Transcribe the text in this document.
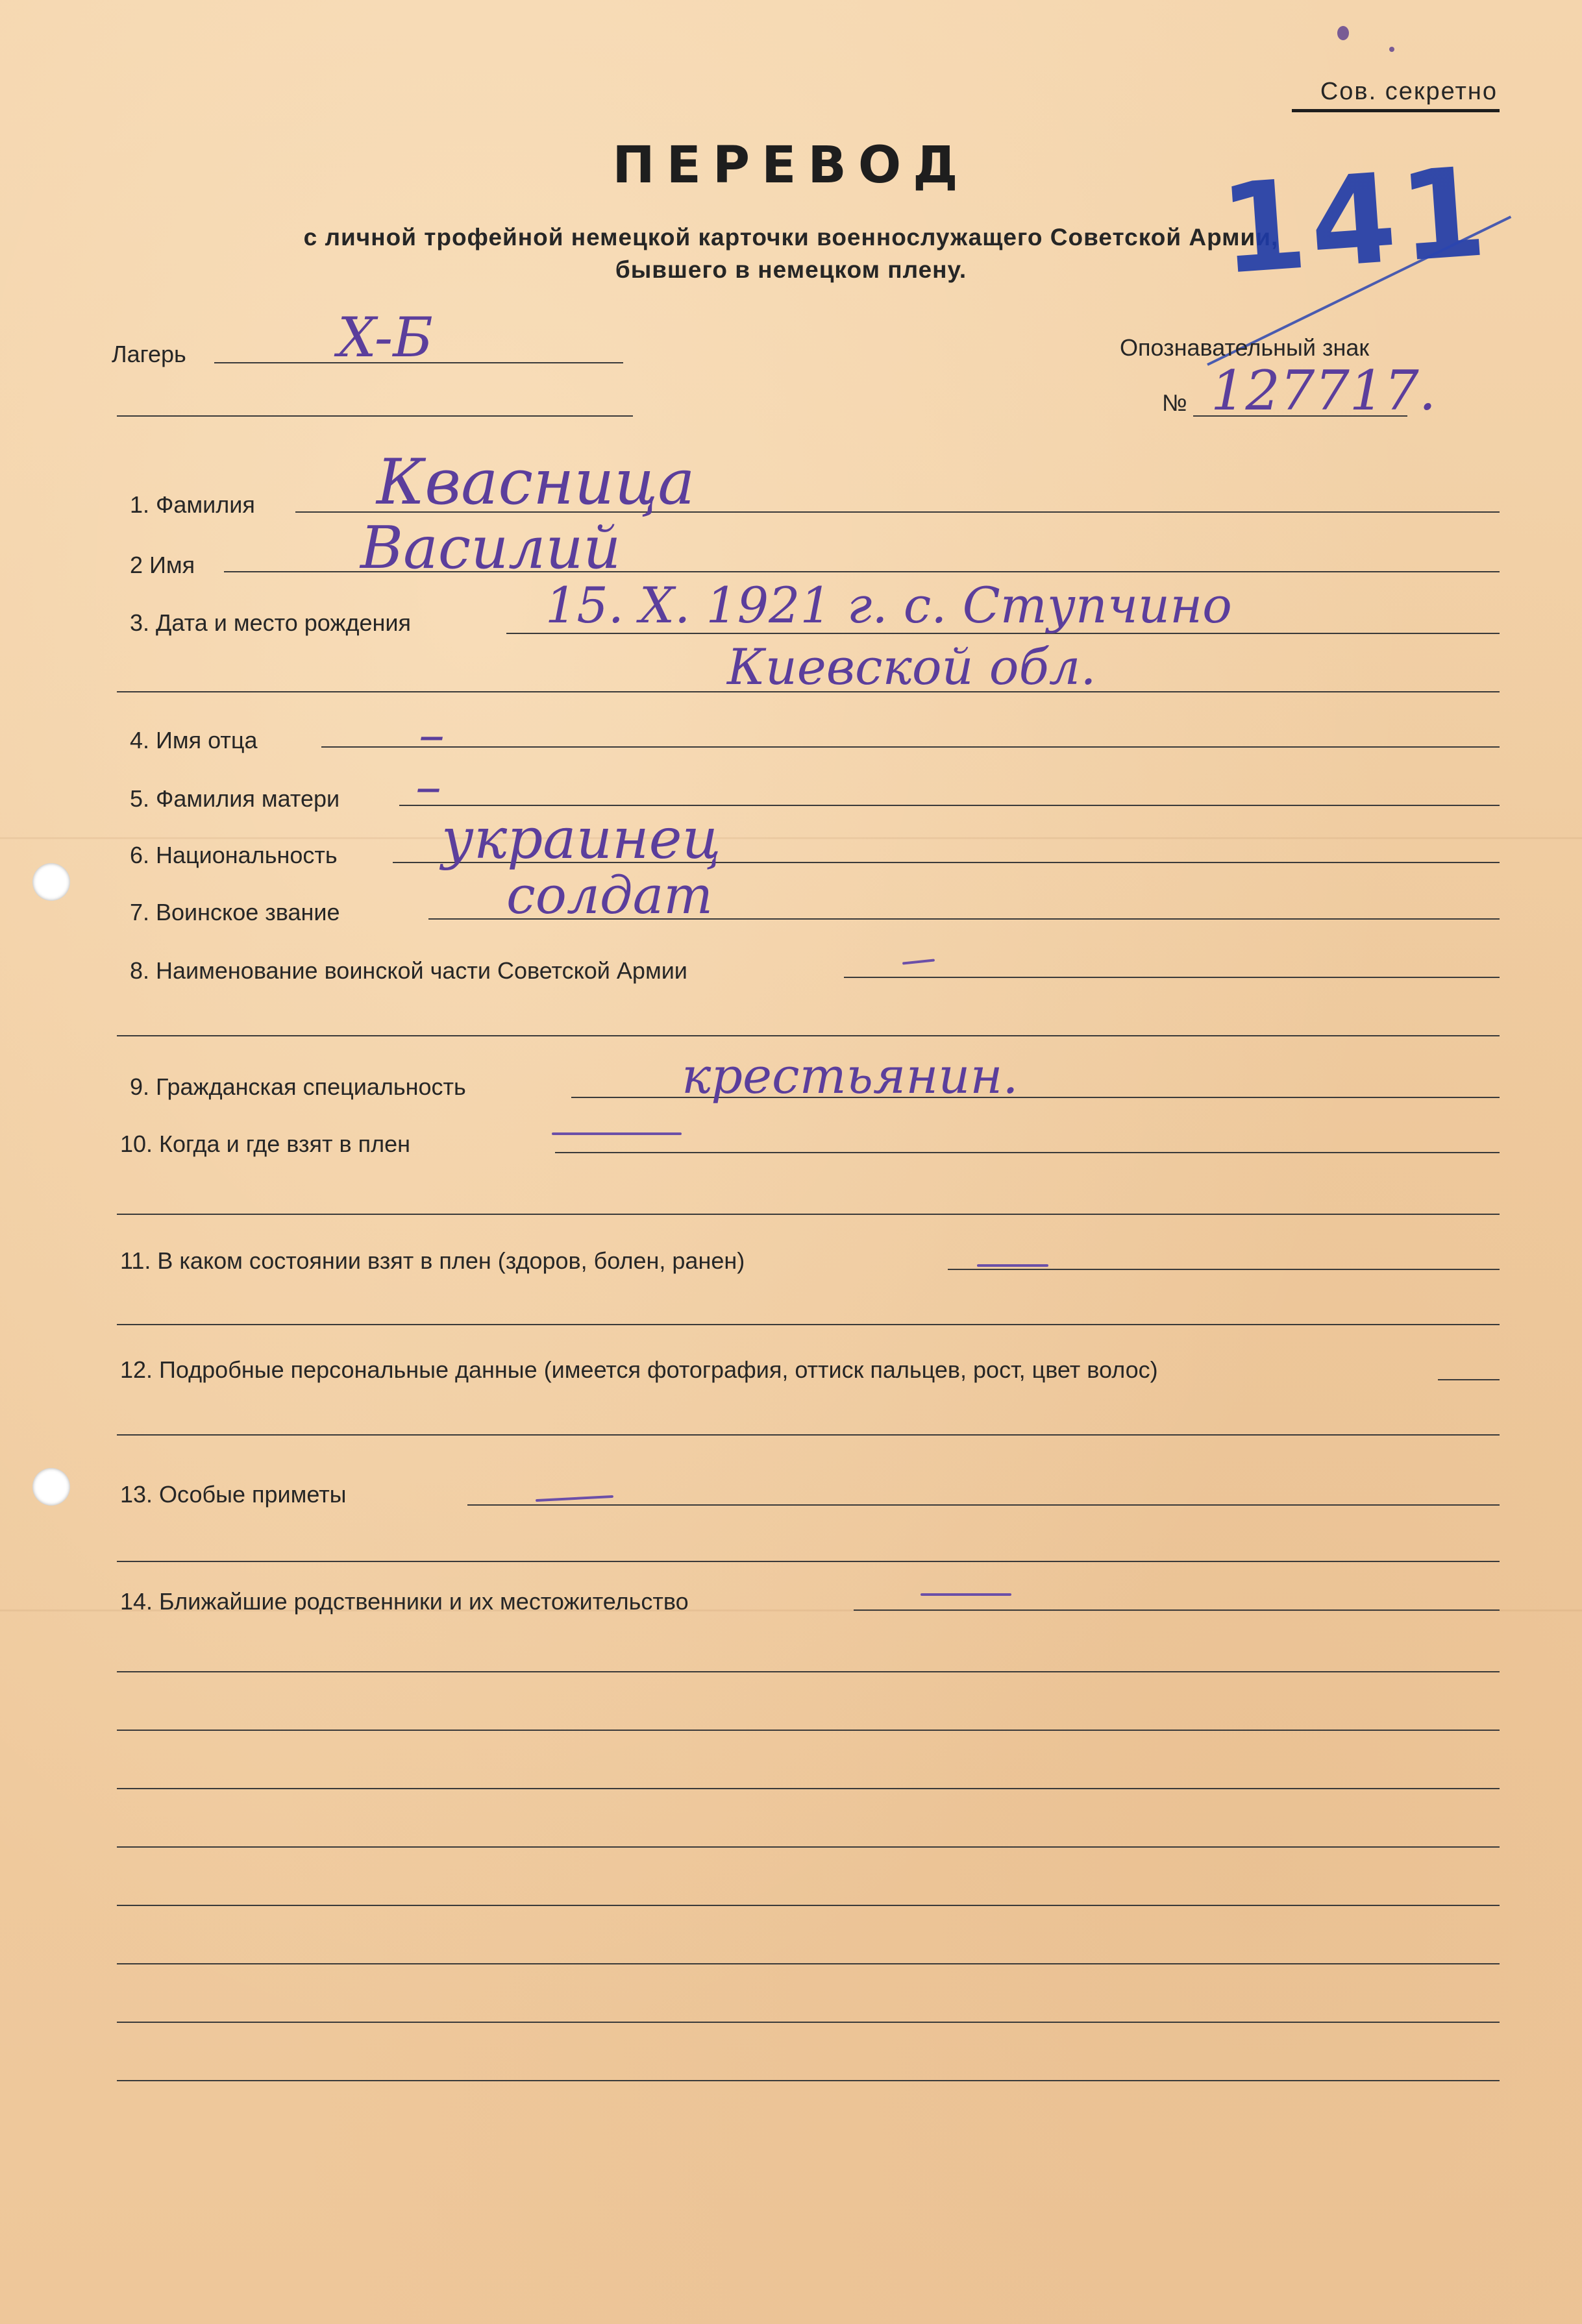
Сов. секретно
ПЕРЕВОД
с личной трофейной немецкой карточки военнослужащего Советской Армии,
бывшего в немецком плену.	141
Лагерь	X-Б	Опознавательный знак
№ 127717.
1. Фамилия Квасница
2 Имя	Василий
3. Дата и место рождения	15. X. 1921 г. с. Ступчино
Киевской обл.
4. Имя отца	–
5. Фамилия матери –
6. Национальность украинец
7. Воинское звание	солдат
8. Наименование воинской части Советской Армии
9. Гражданская специальность	крестьянин.
10. Когда и где взят в плен
11. В каком состоянии взят в плен (здоров, болен, ранен)
12. Подробные персональные данные (имеется фотография, оттиск пальцев, рост, цвет волос)
13. Особые приметы
14. Ближайшие родственники и их местожительство
